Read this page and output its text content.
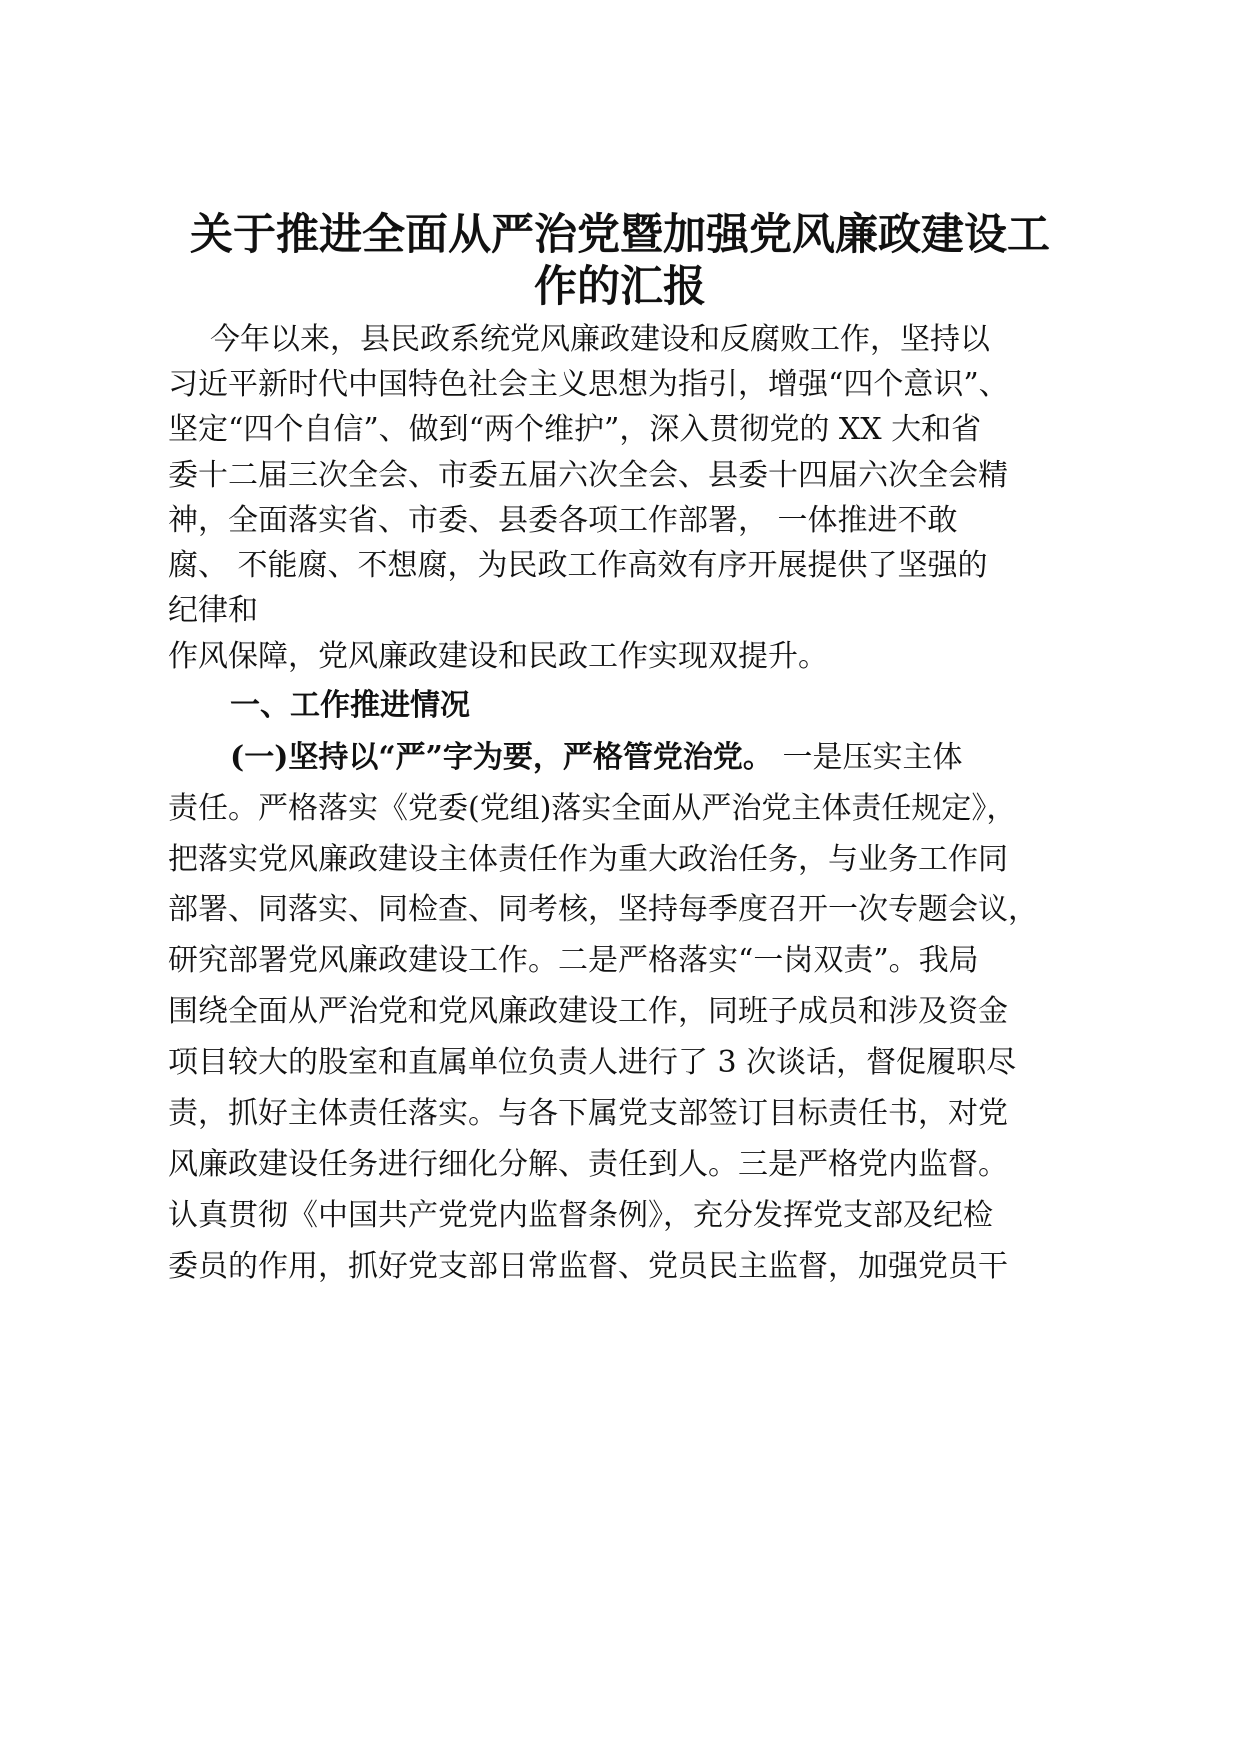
关于推进全面从严治党暨加强党风廉政建设工
作的汇报

今年以来，县民政系统党风廉政建设和反腐败工作，坚持以

习近平新时代中国特色社会主义思想为指引，增强“四个意识”、

坚定“四个自信”、做到“两个维护”，深入贯彻党的 XX 大和省

委十二届三次全会、市委五届六次全会、县委十四届六次全会精

神，全面落实省、市委、县委各项工作部署， 一体推进不敢

腐、 不能腐、不想腐，为民政工作高效有序开展提供了坚强的

纪律和

作风保障，党风廉政建设和民政工作实现双提升。

一、工作推进情况

(一)坚持以“严”字为要，严格管党治党。 一是压实主体

责任。严格落实《党委(党组)落实全面从严治党主体责任规定》，

把落实党风廉政建设主体责任作为重大政治任务，与业务工作同

部署、同落实、同检查、同考核，坚持每季度召开一次专题会议，

研究部署党风廉政建设工作。二是严格落实“一岗双责”。我局

围绕全面从严治党和党风廉政建设工作，同班子成员和涉及资金

项目较大的股室和直属单位负责人进行了 3 次谈话，督促履职尽

责，抓好主体责任落实。与各下属党支部签订目标责任书，对党

风廉政建设任务进行细化分解、责任到人。三是严格党内监督。

认真贯彻《中国共产党党内监督条例》，充分发挥党支部及纪检

委员的作用，抓好党支部日常监督、党员民主监督，加强党员干
